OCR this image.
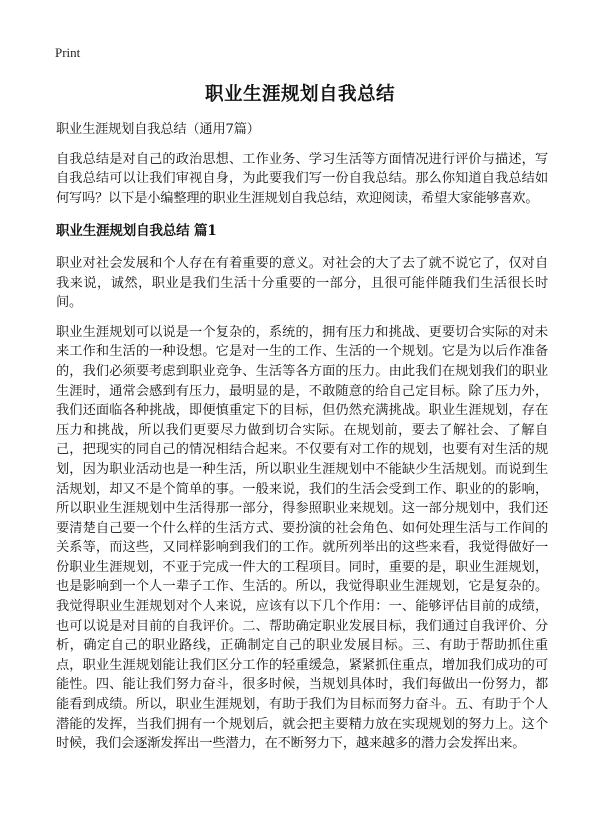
Print
职业生涯规划自我总结

职业生涯规划自我总结（通用7篇）

自我总结是对自己的政治思想、工作业务、学习生活等方面情况进行评价与描述，写自我总结可以让我们审视自身，为此要我们写一份自我总结。那么你知道自我总结如何写吗？以下是小编整理的职业生涯规划自我总结，欢迎阅读，希望大家能够喜欢。

职业生涯规划自我总结 篇1

职业对社会发展和个人存在有着重要的意义。对社会的大了去了就不说它了，仅对自我来说，诚然，职业是我们生活十分重要的一部分，且很可能伴随我们生活很长时间。

职业生涯规划可以说是一个复杂的，系统的，拥有压力和挑战、更要切合实际的对未来工作和生活的一种设想。它是对一生的工作、生活的一个规划。它是为以后作准备的，我们必须要考虑到职业竞争、生活等各方面的压力。由此我们在规划我们的职业生涯时，通常会感到有压力，最明显的是，不敢随意的给自己定目标。除了压力外，我们还面临各种挑战，即便慎重定下的目标，但仍然充满挑战。职业生涯规划，存在压力和挑战，所以我们更要尽力做到切合实际。在规划前，要去了解社会、了解自己，把现实的同自己的情况相结合起来。不仅要有对工作的规划，也要有对生活的规划，因为职业活动也是一种生活，所以职业生涯规划中不能缺少生活规划。而说到生活规划，却又不是个简单的事。一般来说，我们的生活会受到工作、职业的的影响，所以职业生涯规划中生活得那一部分，得参照职业来规划。这一部分规划中，我们还要清楚自己要一个什么样的生活方式、要扮演的社会角色、如何处理生活与工作间的关系等，而这些，又同样影响到我们的工作。就所列举出的这些来看，我觉得做好一份职业生涯规划，不亚于完成一件大的工程项目。同时，重要的是，职业生涯规划，也是影响到一个人一辈子工作、生活的。所以，我觉得职业生涯规划，它是复杂的。我觉得职业生涯规划对个人来说，应该有以下几个作用：一、能够评估目前的成绩，也可以说是对目前的自我评价。二、帮助确定职业发展目标，我们通过自我评价、分析，确定自己的职业路线，正确制定自己的职业发展目标。三、有助于帮助抓住重点，职业生涯规划能让我们区分工作的轻重缓急，紧紧抓住重点，增加我们成功的可能性。四、能让我们努力奋斗，很多时候，当规划具体时，我们每做出一份努力，都能看到成绩。所以，职业生涯规划，有助于我们为目标而努力奋斗。五、有助于个人潜能的发挥，当我们拥有一个规划后，就会把主要精力放在实现规划的努力上。这个时候，我们会逐渐发挥出一些潜力，在不断努力下，越来越多的潜力会发挥出来。
